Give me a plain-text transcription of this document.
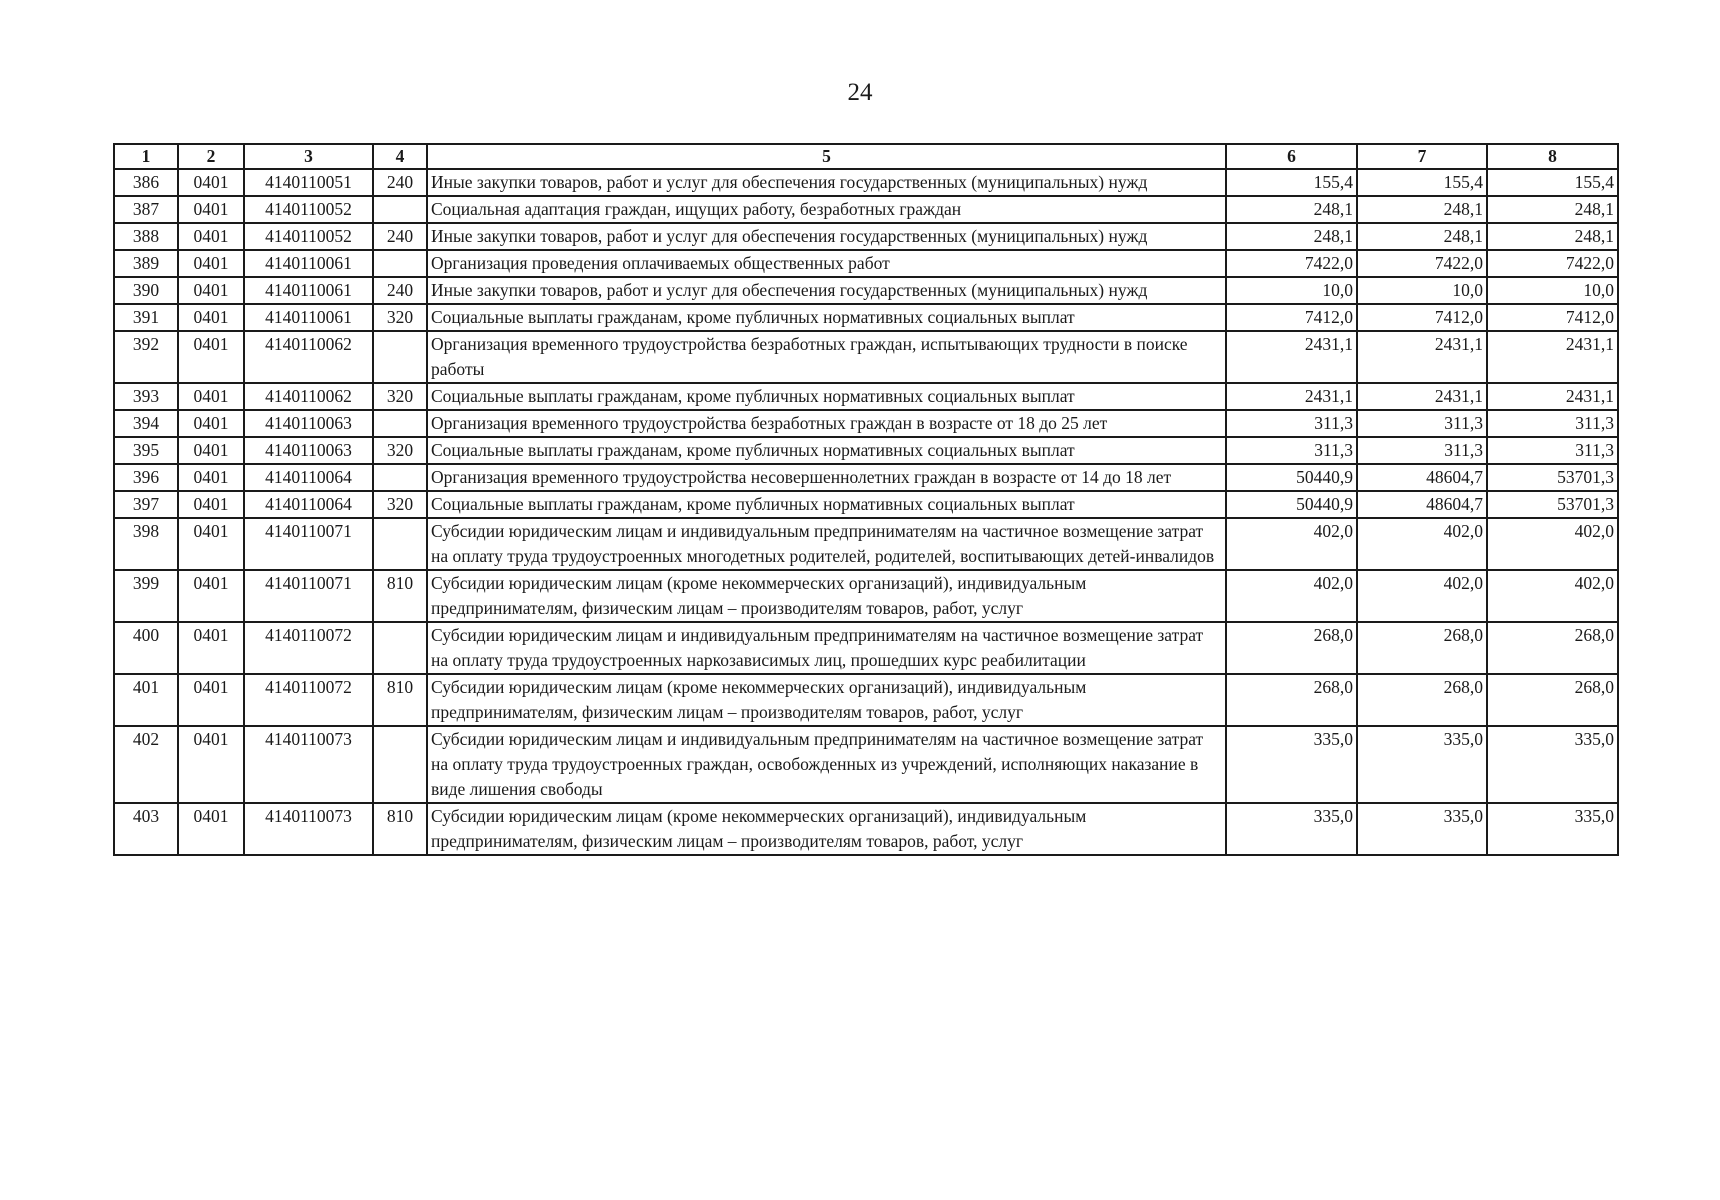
24
1	2	3	4	5	6	7	8
386	0401	4140110051	240	Иные закупки товаров, работ и услуг для обеспечения государственных (муниципальных) нужд	155,4	155,4	155,4
387	0401	4140110052		Социальная адаптация граждан, ищущих работу, безработных граждан	248,1	248,1	248,1
388	0401	4140110052	240	Иные закупки товаров, работ и услуг для обеспечения государственных (муниципальных) нужд	248,1	248,1	248,1
389	0401	4140110061		Организация проведения оплачиваемых общественных работ	7422,0	7422,0	7422,0
390	0401	4140110061	240	Иные закупки товаров, работ и услуг для обеспечения государственных (муниципальных) нужд	10,0	10,0	10,0
391	0401	4140110061	320	Социальные выплаты гражданам, кроме публичных нормативных социальных выплат	7412,0	7412,0	7412,0
392	0401	4140110062		Организация временного трудоустройства безработных граждан, испытывающих трудности в поиске работы	2431,1	2431,1	2431,1
393	0401	4140110062	320	Социальные выплаты гражданам, кроме публичных нормативных социальных выплат	2431,1	2431,1	2431,1
394	0401	4140110063		Организация временного трудоустройства безработных граждан в возрасте от 18 до 25 лет	311,3	311,3	311,3
395	0401	4140110063	320	Социальные выплаты гражданам, кроме публичных нормативных социальных выплат	311,3	311,3	311,3
396	0401	4140110064		Организация временного трудоустройства несовершеннолетних граждан в возрасте от 14 до 18 лет	50440,9	48604,7	53701,3
397	0401	4140110064	320	Социальные выплаты гражданам, кроме публичных нормативных социальных выплат	50440,9	48604,7	53701,3
398	0401	4140110071		Субсидии юридическим лицам и индивидуальным предпринимателям на частичное возмещение затрат на оплату труда трудоустроенных многодетных родителей, родителей, воспитывающих детей-инвалидов	402,0	402,0	402,0
399	0401	4140110071	810	Субсидии юридическим лицам (кроме некоммерческих организаций), индивидуальным предпринимателям, физическим лицам – производителям товаров, работ, услуг	402,0	402,0	402,0
400	0401	4140110072		Субсидии юридическим лицам и индивидуальным предпринимателям на частичное возмещение затрат на оплату труда трудоустроенных наркозависимых лиц, прошедших курс реабилитации	268,0	268,0	268,0
401	0401	4140110072	810	Субсидии юридическим лицам (кроме некоммерческих организаций), индивидуальным предпринимателям, физическим лицам – производителям товаров, работ, услуг	268,0	268,0	268,0
402	0401	4140110073		Субсидии юридическим лицам и индивидуальным предпринимателям на частичное возмещение затрат на оплату труда трудоустроенных граждан, освобожденных из учреждений, исполняющих наказание в виде лишения свободы	335,0	335,0	335,0
403	0401	4140110073	810	Субсидии юридическим лицам (кроме некоммерческих организаций), индивидуальным предпринимателям, физическим лицам – производителям товаров, работ, услуг	335,0	335,0	335,0
